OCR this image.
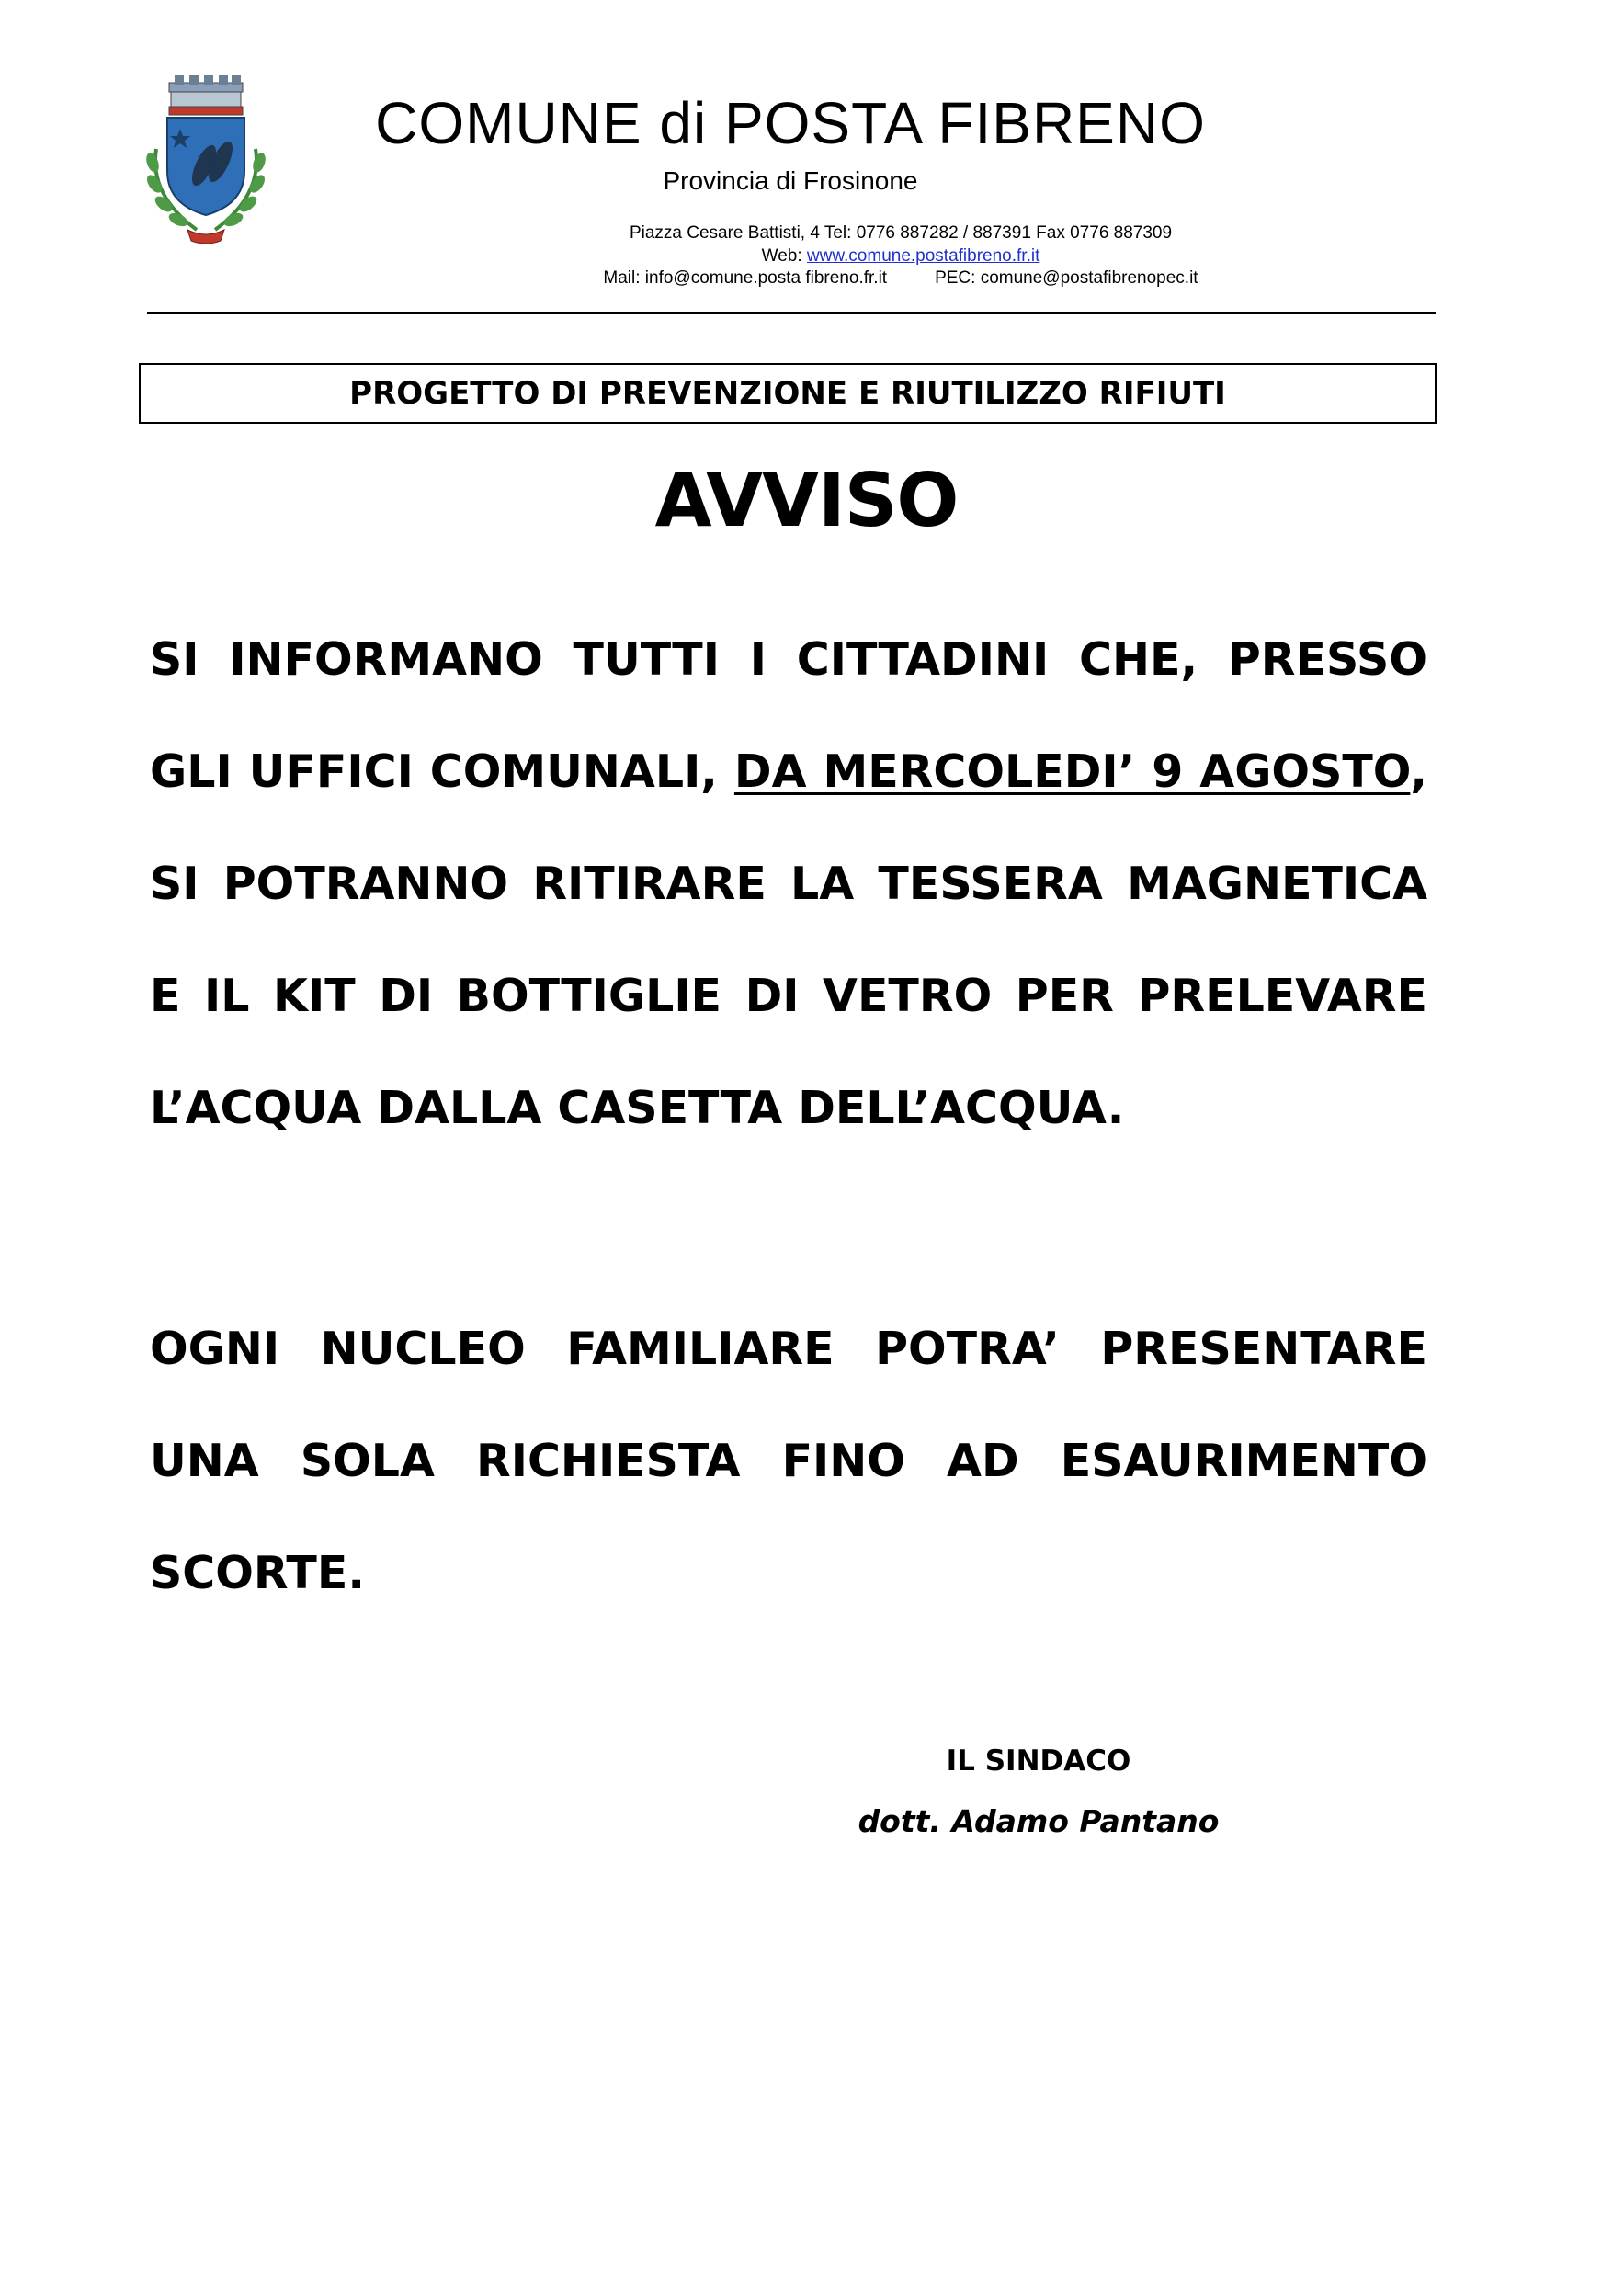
COMUNE di POSTA FIBRENO
Provincia di Frosinone
Piazza Cesare Battisti, 4 Tel: 0776 887282 / 887391 Fax 0776 887309
Web: www.comune.postafibreno.fr.it
Mail: info@comune.posta fibreno.fr.it	PEC: comune@postafibrenopec.it
PROGETTO DI PREVENZIONE E RIUTILIZZO RIFIUTI
AVVISO

SI INFORMANO TUTTI I CITTADINI CHE, PRESSO GLI UFFICI COMUNALI, DA MERCOLEDI’ 9 AGOSTO, SI POTRANNO RITIRARE LA TESSERA MAGNETICA E IL KIT DI BOTTIGLIE DI VETRO PER PRELEVARE L’ACQUA DALLA CASETTA DELL’ACQUA.

OGNI NUCLEO FAMILIARE POTRA’ PRESENTARE UNA SOLA RICHIESTA FINO AD ESAURIMENTO SCORTE.

IL SINDACO
dott. Adamo Pantano
